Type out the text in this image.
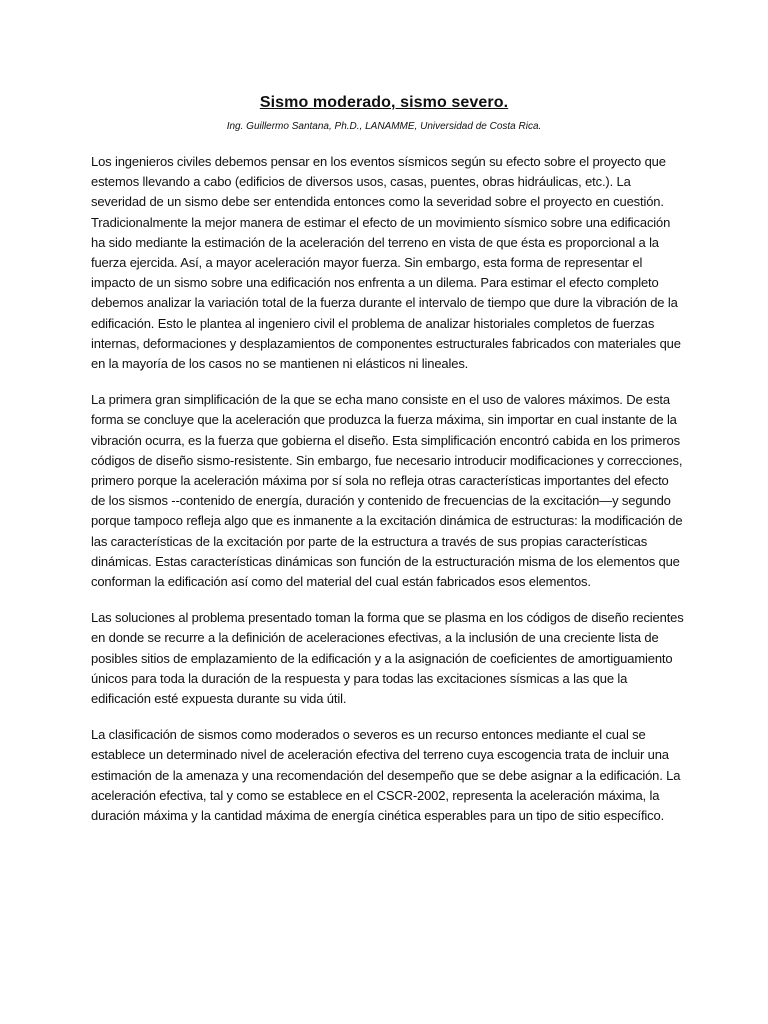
Sismo moderado, sismo severo.

Ing. Guillermo Santana, Ph.D., LANAMME, Universidad de Costa Rica.

Los ingenieros civiles debemos pensar en los eventos sísmicos según su efecto sobre el proyecto que estemos llevando a cabo (edificios de diversos usos, casas, puentes, obras hidráulicas, etc.). La severidad de un sismo debe ser entendida entonces como la severidad sobre el proyecto en cuestión. Tradicionalmente la mejor manera de estimar el efecto de un movimiento sísmico sobre una edificación ha sido mediante la estimación de la aceleración del terreno en vista de que ésta es proporcional a la fuerza ejercida. Así, a mayor aceleración mayor fuerza. Sin embargo, esta forma de representar el impacto de un sismo sobre una edificación nos enfrenta a un dilema. Para estimar el efecto completo debemos analizar la variación total de la fuerza durante el intervalo de tiempo que dure la vibración de la edificación. Esto le plantea al ingeniero civil el problema de analizar historiales completos de fuerzas internas, deformaciones y desplazamientos de componentes estructurales fabricados con materiales que en la mayoría de los casos no se mantienen ni elásticos ni lineales.

La primera gran simplificación de la que se echa mano consiste en el uso de valores máximos. De esta forma se concluye que la aceleración que produzca la fuerza máxima, sin importar en cual instante de la vibración ocurra, es la fuerza que gobierna el diseño. Esta simplificación encontró cabida en los primeros códigos de diseño sismo-resistente. Sin embargo, fue necesario introducir modificaciones y correcciones, primero porque la aceleración máxima por sí sola no refleja otras características importantes del efecto de los sismos --contenido de energía, duración y contenido de frecuencias de la excitación—y segundo porque tampoco refleja algo que es inmanente a la excitación dinámica de estructuras: la modificación de las características de la excitación por parte de la estructura a través de sus propias características dinámicas. Estas características dinámicas son función de la estructuración misma de los elementos que conforman la edificación así como del material del cual están fabricados esos elementos.

Las soluciones al problema presentado toman la forma que se plasma en los códigos de diseño recientes en donde se recurre a la definición de aceleraciones efectivas, a la inclusión de una creciente lista de posibles sitios de emplazamiento de la edificación y a la asignación de coeficientes de amortiguamiento únicos para toda la duración de la respuesta y para todas las excitaciones sísmicas a las que la edificación esté expuesta durante su vida útil.

La clasificación de sismos como moderados o severos es un recurso entonces mediante el cual se establece un determinado nivel de aceleración efectiva del terreno cuya escogencia trata de incluir una estimación de la amenaza y una recomendación del desempeño que se debe asignar a la edificación. La aceleración efectiva, tal y como se establece en el CSCR-2002, representa la aceleración máxima, la duración máxima y la cantidad máxima de energía cinética esperables para un tipo de sitio específico.
